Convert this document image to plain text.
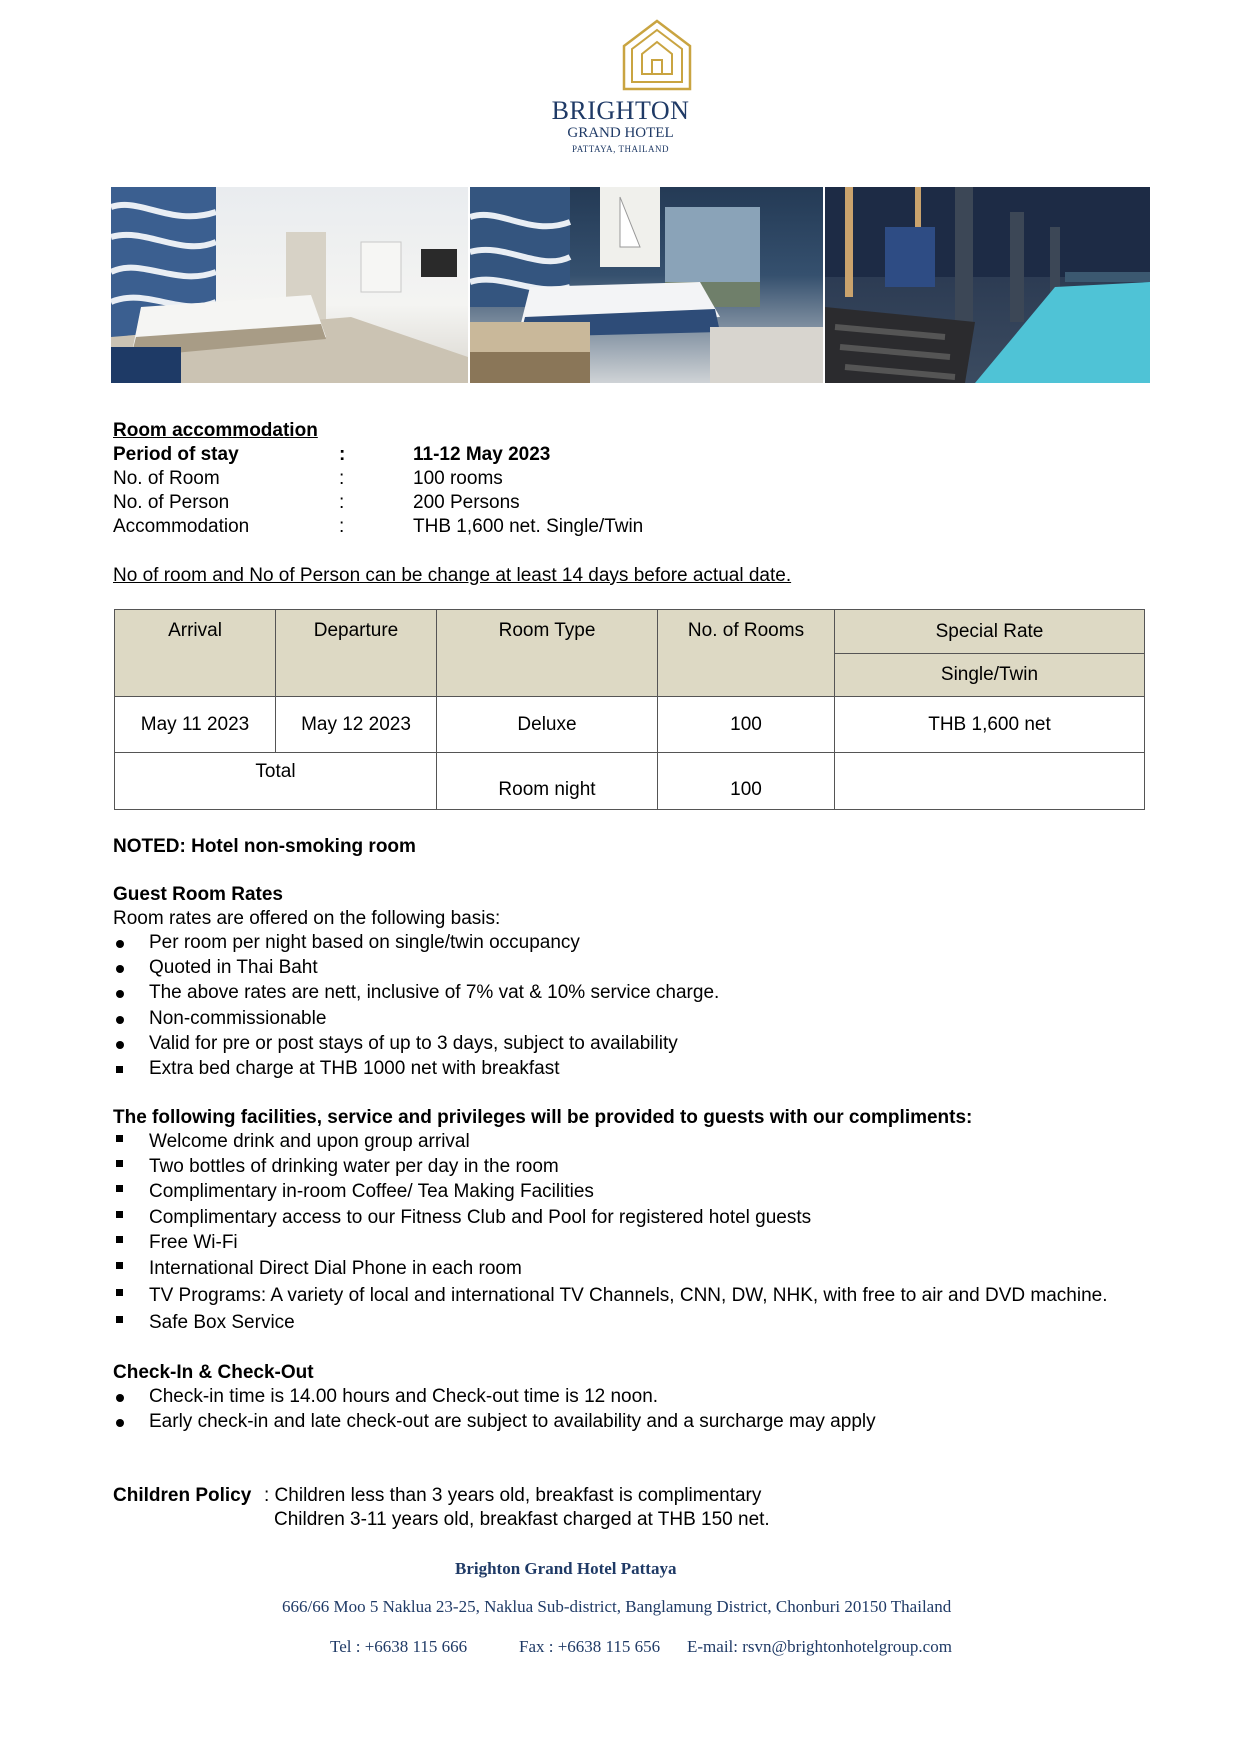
BRIGHTON
GRAND HOTEL
PATTAYA, THAILAND
Room accommodation
Period of stay	:	11-12 May 2023
No. of Room	:	100 rooms
No. of Person	:	200 Persons
Accommodation	:	THB 1,600 net. Single/Twin
No of room and No of Person can be change at least 14 days before actual date.
Arrival	Departure	Room Type	No. of Rooms	Special Rate
				Single/Twin
May 11 2023	May 12 2023	Deluxe	100	THB 1,600 net
Total		Room night	100	
NOTED: Hotel non-smoking room
Guest Room Rates
Room rates are offered on the following basis:
Per room per night based on single/twin occupancy
Quoted in Thai Baht
The above rates are nett, inclusive of 7% vat & 10% service charge.
Non-commissionable
Valid for pre or post stays of up to 3 days, subject to availability
Extra bed charge at THB 1000 net with breakfast
The following facilities, service and privileges will be provided to guests with our compliments:
Welcome drink and upon group arrival
Two bottles of drinking water per day in the room
Complimentary in-room Coffee/ Tea Making Facilities
Complimentary access to our Fitness Club and Pool for registered hotel guests
Free Wi-Fi
International Direct Dial Phone in each room
TV Programs: A variety of local and international TV Channels, CNN, DW, NHK, with free to air and DVD machine.
Safe Box Service
Check-In & Check-Out
Check-in time is 14.00 hours and Check-out time is 12 noon.
Early check-in and late check-out are subject to availability and a surcharge may apply
Children Policy : Children less than 3 years old, breakfast is complimentary
Children 3-11 years old, breakfast charged at THB 150 net.
Brighton Grand Hotel Pattaya
666/66 Moo 5 Naklua 23-25, Naklua Sub-district, Banglamung District, Chonburi 20150 Thailand
Tel : +6638 115 666	Fax : +6638 115 656 E-mail: rsvn@brightonhotelgroup.com
